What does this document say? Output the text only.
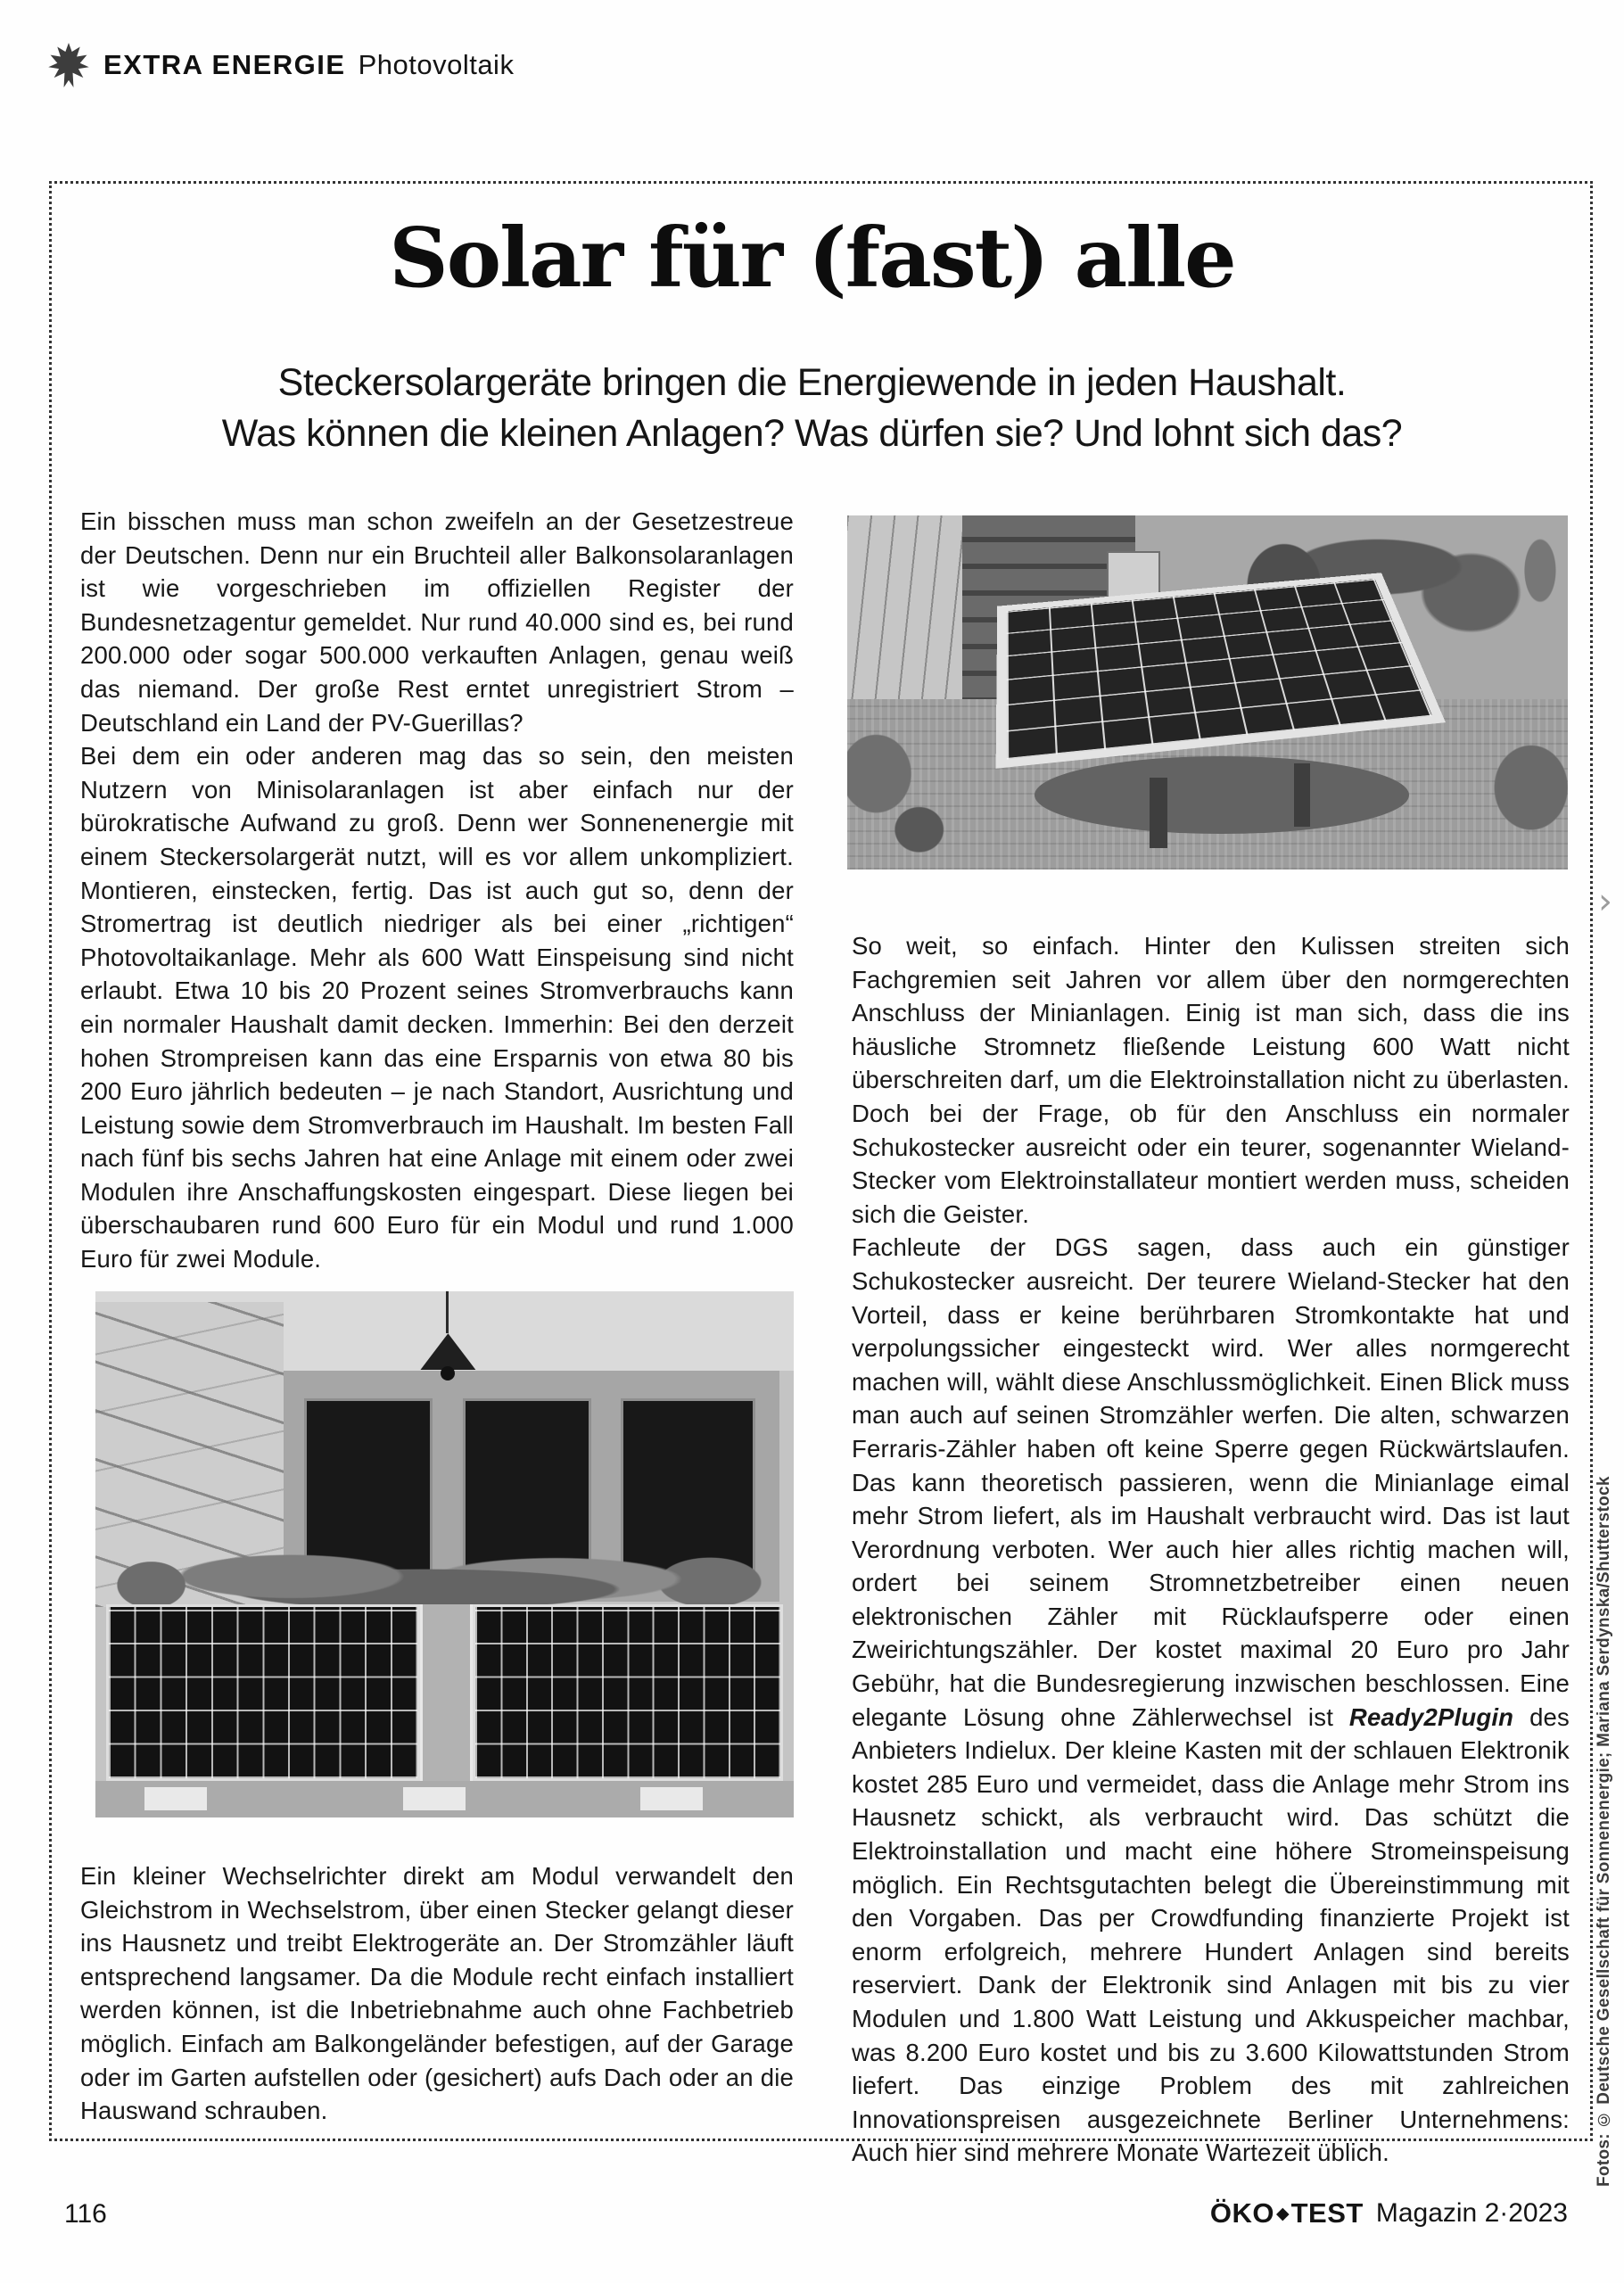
EXTRA ENERGIE Photovoltaik
Solar für (fast) alle
Steckersolargeräte bringen die Energiewende in jeden Haushalt.
Was können die kleinen Anlagen? Was dürfen sie? Und lohnt sich das?

Ein bisschen muss man schon zweifeln an der Gesetzestreue der Deutschen. Denn nur ein Bruchteil aller Balkonsolaranlagen ist wie vorgeschrieben im offiziellen Register der Bundesnetzagentur gemeldet. Nur rund 40.000 sind es, bei rund 200.000 oder sogar 500.000 verkauften Anlagen, genau weiß das niemand. Der große Rest erntet unregistriert Strom – Deutschland ein Land der PV-Guerillas?

Bei dem ein oder anderen mag das so sein, den meisten Nutzern von Minisolaranlagen ist aber einfach nur der bürokratische Aufwand zu groß. Denn wer Sonnenenergie mit einem Steckersolargerät nutzt, will es vor allem unkompliziert. Montieren, einstecken, fertig. Das ist auch gut so, denn der Stromertrag ist deutlich niedriger als bei einer „richtigen“ Photovoltaikanlage. Mehr als 600 Watt Einspeisung sind nicht erlaubt. Etwa 10 bis 20 Prozent seines Stromverbrauchs kann ein normaler Haushalt damit decken. Immerhin: Bei den derzeit hohen Strompreisen kann das eine Ersparnis von etwa 80 bis 200 Euro jährlich bedeuten – je nach Standort, Ausrichtung und Leistung sowie dem Stromverbrauch im Haushalt. Im besten Fall nach fünf bis sechs Jahren hat eine Anlage mit einem oder zwei Modulen ihre Anschaffungskosten eingespart. Diese liegen bei überschaubaren rund 600 Euro für ein Modul und rund 1.000 Euro für zwei Module.

So weit, so einfach. Hinter den Kulissen streiten sich Fachgremien seit Jahren vor allem über den normgerechten Anschluss der Minianlagen. Einig ist man sich, dass die ins häusliche Stromnetz fließende Leistung 600 Watt nicht überschreiten darf, um die Elektroinstallation nicht zu überlasten. Doch bei der Frage, ob für den Anschluss ein normaler Schukostecker ausreicht oder ein teurer, sogenannter Wieland-Stecker vom Elektroinstallateur montiert werden muss, scheiden sich die Geister.

Fachleute der DGS sagen, dass auch ein günstiger Schukostecker ausreicht. Der teurere Wieland-Stecker hat den Vorteil, dass er keine berührbaren Stromkontakte hat und verpolungssicher eingesteckt wird. Wer alles normgerecht machen will, wählt diese Anschlussmöglichkeit. Einen Blick muss man auch auf seinen Stromzähler werfen. Die alten, schwarzen Ferraris-Zähler haben oft keine Sperre gegen Rückwärtslaufen. Das kann theoretisch passieren, wenn die Minianlage eimal mehr Strom liefert, als im Haushalt verbraucht wird. Das ist laut Verordnung verboten. Wer auch hier alles richtig machen will, ordert bei seinem Stromnetzbetreiber einen neuen elektronischen Zähler mit Rücklaufsperre oder einen Zweirichtungszähler. Der kostet maximal 20 Euro pro Jahr Gebühr, hat die Bundesregierung inzwischen beschlossen. Eine elegante Lösung ohne Zählerwechsel ist Ready2Plugin des Anbieters Indielux. Der kleine Kasten mit der schlauen Elektronik kostet 285 Euro und vermeidet, dass die Anlage mehr Strom ins Hausnetz schickt, als verbraucht wird. Das schützt die Elektroinstallation und macht eine höhere Stromeinspeisung möglich. Ein Rechtsgutachten belegt die Übereinstimmung mit den Vorgaben. Das per Crowdfunding finanzierte Projekt ist enorm erfolgreich, mehrere Hundert Anlagen sind bereits reserviert. Dank der Elektronik sind Anlagen mit bis zu vier Modulen und 1.800 Watt Leistung und Akkuspeicher machbar, was 8.200 Euro kostet und bis zu 3.600 Kilowattstunden Strom liefert. Das einzige Problem des mit zahlreichen Innovationspreisen ausgezeichnete Berliner Unternehmens: Auch hier sind mehrere Monate Wartezeit üblich.

Ein kleiner Wechselrichter direkt am Modul verwandelt den Gleichstrom in Wechselstrom, über einen Stecker gelangt dieser ins Hausnetz und treibt Elektrogeräte an. Der Stromzähler läuft entsprechend langsamer. Da die Module recht einfach installiert werden können, ist die Inbetriebnahme auch ohne Fachbetrieb möglich. Einfach am Balkongeländer befestigen, auf der Garage oder im Garten aufstellen oder (gesichert) aufs Dach oder an die Hauswand schrauben.	Fotos: © Deutsche Gesellschaft für Sonnenenergie; Mariana Serdynska/Shutterstock
›
116	ÖKO ◆ TEST Magazin 2·2023
